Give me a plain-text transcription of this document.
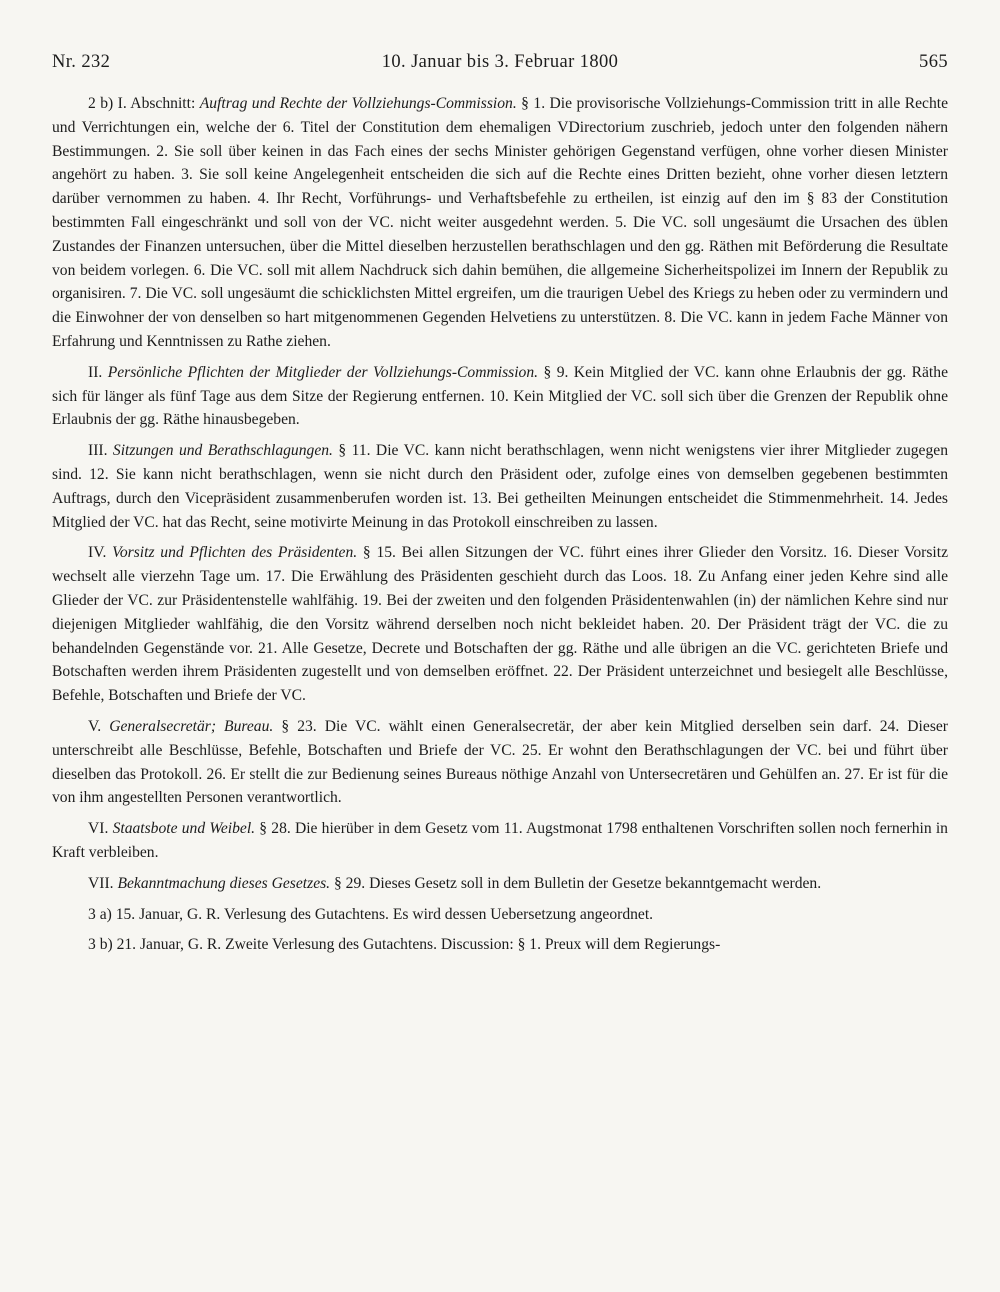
Nr. 232	10. Januar bis 3. Februar 1800	565

2 b) I. Abschnitt: Auftrag und Rechte der Vollziehungs-Commission. § 1. Die provisorische Vollziehungs-Commission tritt in alle Rechte und Verrichtungen ein, welche der 6. Titel der Constitution dem ehemaligen VDirectorium zuschrieb, jedoch unter den folgenden nähern Bestimmungen. 2. Sie soll über keinen in das Fach eines der sechs Minister gehörigen Gegenstand verfügen, ohne vorher diesen Minister angehört zu haben. 3. Sie soll keine Angelegenheit entscheiden die sich auf die Rechte eines Dritten bezieht, ohne vorher diesen letztern darüber vernommen zu haben. 4. Ihr Recht, Vorführungs- und Verhaftsbefehle zu ertheilen, ist einzig auf den im § 83 der Constitution bestimmten Fall eingeschränkt und soll von der VC. nicht weiter ausgedehnt werden. 5. Die VC. soll ungesäumt die Ursachen des üblen Zustandes der Finanzen untersuchen, über die Mittel dieselben herzustellen berathschlagen und den gg. Räthen mit Beförderung die Resultate von beidem vorlegen. 6. Die VC. soll mit allem Nachdruck sich dahin bemühen, die allgemeine Sicherheitspolizei im Innern der Republik zu organisiren. 7. Die VC. soll ungesäumt die schicklichsten Mittel ergreifen, um die traurigen Uebel des Kriegs zu heben oder zu vermindern und die Einwohner der von denselben so hart mitgenommenen Gegenden Helvetiens zu unterstützen. 8. Die VC. kann in jedem Fache Männer von Erfahrung und Kenntnissen zu Rathe ziehen.

II. Persönliche Pflichten der Mitglieder der Vollziehungs-Commission. § 9. Kein Mitglied der VC. kann ohne Erlaubnis der gg. Räthe sich für länger als fünf Tage aus dem Sitze der Regierung entfernen. 10. Kein Mitglied der VC. soll sich über die Grenzen der Republik ohne Erlaubnis der gg. Räthe hinausbegeben.

III. Sitzungen und Berathschlagungen. § 11. Die VC. kann nicht berathschlagen, wenn nicht wenigstens vier ihrer Mitglieder zugegen sind. 12. Sie kann nicht berathschlagen, wenn sie nicht durch den Präsident oder, zufolge eines von demselben gegebenen bestimmten Auftrags, durch den Vicepräsident zusammenberufen worden ist. 13. Bei getheilten Meinungen entscheidet die Stimmenmehrheit. 14. Jedes Mitglied der VC. hat das Recht, seine motivirte Meinung in das Protokoll einschreiben zu lassen.

IV. Vorsitz und Pflichten des Präsidenten. § 15. Bei allen Sitzungen der VC. führt eines ihrer Glieder den Vorsitz. 16. Dieser Vorsitz wechselt alle vierzehn Tage um. 17. Die Erwählung des Präsidenten geschieht durch das Loos. 18. Zu Anfang einer jeden Kehre sind alle Glieder der VC. zur Präsidentenstelle wahlfähig. 19. Bei der zweiten und den folgenden Präsidentenwahlen (in) der nämlichen Kehre sind nur diejenigen Mitglieder wahlfähig, die den Vorsitz während derselben noch nicht bekleidet haben. 20. Der Präsident trägt der VC. die zu behandelnden Gegenstände vor. 21. Alle Gesetze, Decrete und Botschaften der gg. Räthe und alle übrigen an die VC. gerichteten Briefe und Botschaften werden ihrem Präsidenten zugestellt und von demselben eröffnet. 22. Der Präsident unterzeichnet und besiegelt alle Beschlüsse, Befehle, Botschaften und Briefe der VC.

V. Generalsecretär; Bureau. § 23. Die VC. wählt einen Generalsecretär, der aber kein Mitglied derselben sein darf. 24. Dieser unterschreibt alle Beschlüsse, Befehle, Botschaften und Briefe der VC. 25. Er wohnt den Berathschlagungen der VC. bei und führt über dieselben das Protokoll. 26. Er stellt die zur Bedienung seines Bureaus nöthige Anzahl von Untersecretären und Gehülfen an. 27. Er ist für die von ihm angestellten Personen verantwortlich.

VI. Staatsbote und Weibel. § 28. Die hierüber in dem Gesetz vom 11. Augstmonat 1798 enthaltenen Vorschriften sollen noch fernerhin in Kraft verbleiben.

VII. Bekanntmachung dieses Gesetzes. § 29. Dieses Gesetz soll in dem Bulletin der Gesetze bekanntgemacht werden.

3 a) 15. Januar, G. R. Verlesung des Gutachtens. Es wird dessen Uebersetzung angeordnet.

3 b) 21. Januar, G. R. Zweite Verlesung des Gutachtens. Discussion: § 1. Preux will dem Regierungs-
